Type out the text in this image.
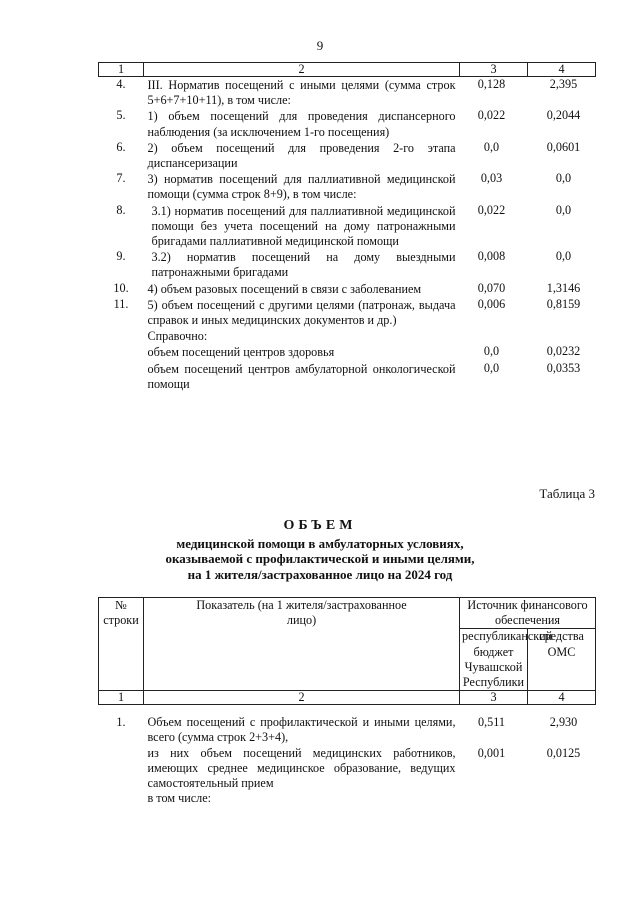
9
1	2	3	4
4.	III. Норматив посещений с иными целями (сумма строк 5+6+7+10+11), в том числе:	0,128	2,395
5.	1) объем посещений для проведения диспансерного наблюдения (за исключением 1-го посещения)	0,022	0,2044
6.	2) объем посещений для проведения 2-го этапа диспансеризации	0,0	0,0601
7.	3) норматив посещений для паллиативной медицинской помощи (сумма строк 8+9), в том числе:	0,03	0,0
8.	3.1) норматив посещений для паллиативной медицинской помощи без учета посещений на дому патронажными бригадами паллиативной медицинской помощи	0,022	0,0
9.	3.2) норматив посещений на дому выездными патронажными бригадами	0,008	0,0
10.	4) объем разовых посещений в связи с заболеванием	0,070	1,3146
11.	5) объем посещений с другими целями (патронаж, выдача справок и иных медицинских документов и др.)	0,006	0,8159
	Справочно:		
	объем посещений центров здоровья	0,0	0,0232
	объем посещений центров амбулаторной онкологической помощи	0,0	0,0353
Таблица 3
ОБЪЕМ
медицинской помощи в амбулаторных условиях,
оказываемой с профилактической и иными целями,
на 1 жителя/застрахованное лицо на 2024 год
№ строки	Показатель (на 1 жителя/застрахованное лицо)	Источник финансового обеспечения	
		республиканский бюджет Чувашской Республики	средства ОМС
1	2	3	4

1.	Объем посещений с профилактической и иными целями, всего (сумма строк 2+3+4),	0,511	2,930
	из них объем посещений медицинских работников, имеющих среднее медицинское образование, ведущих самостоятельный прием	0,001	0,0125
	в том числе:		
